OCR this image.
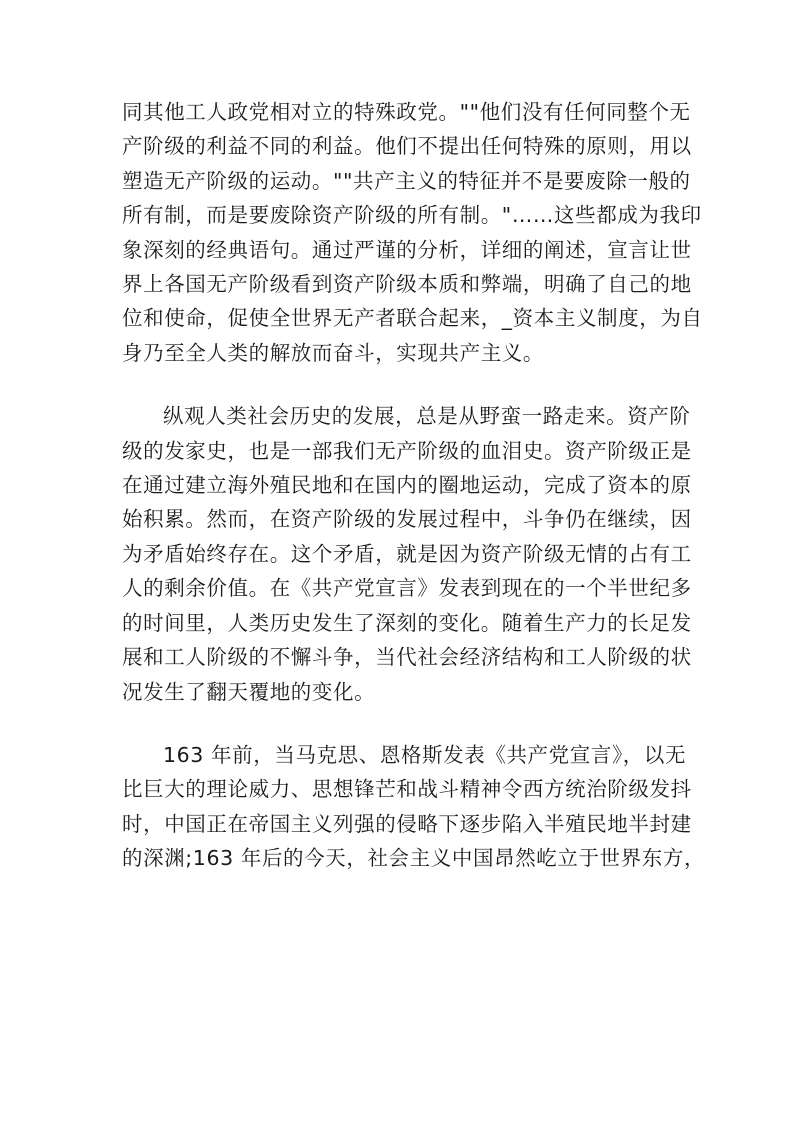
同其他工人政党相对立的特殊政党。""他们没有任何同整个无
产阶级的利益不同的利益。他们不提出任何特殊的原则，用以
塑造无产阶级的运动。""共产主义的特征并不是要废除一般的
所有制，而是要废除资产阶级的所有制。"……这些都成为我印
象深刻的经典语句。通过严谨的分析，详细的阐述，宣言让世
界上各国无产阶级看到资产阶级本质和弊端，明确了自己的地
位和使命，促使全世界无产者联合起来，_资本主义制度，为自
身乃至全人类的解放而奋斗，实现共产主义。
纵观人类社会历史的发展，总是从野蛮一路走来。资产阶
级的发家史，也是一部我们无产阶级的血泪史。资产阶级正是
在通过建立海外殖民地和在国内的圈地运动，完成了资本的原
始积累。然而，在资产阶级的发展过程中，斗争仍在继续，因
为矛盾始终存在。这个矛盾，就是因为资产阶级无情的占有工
人的剩余价值。在《共产党宣言》发表到现在的一个半世纪多
的时间里，人类历史发生了深刻的变化。随着生产力的长足发
展和工人阶级的不懈斗争，当代社会经济结构和工人阶级的状
况发生了翻天覆地的变化。
163 年前，当马克思、恩格斯发表《共产党宣言》，以无
比巨大的理论威力、思想锋芒和战斗精神令西方统治阶级发抖
时，中国正在帝国主义列强的侵略下逐步陷入半殖民地半封建
的深渊;163 年后的今天，社会主义中国昂然屹立于世界东方，
